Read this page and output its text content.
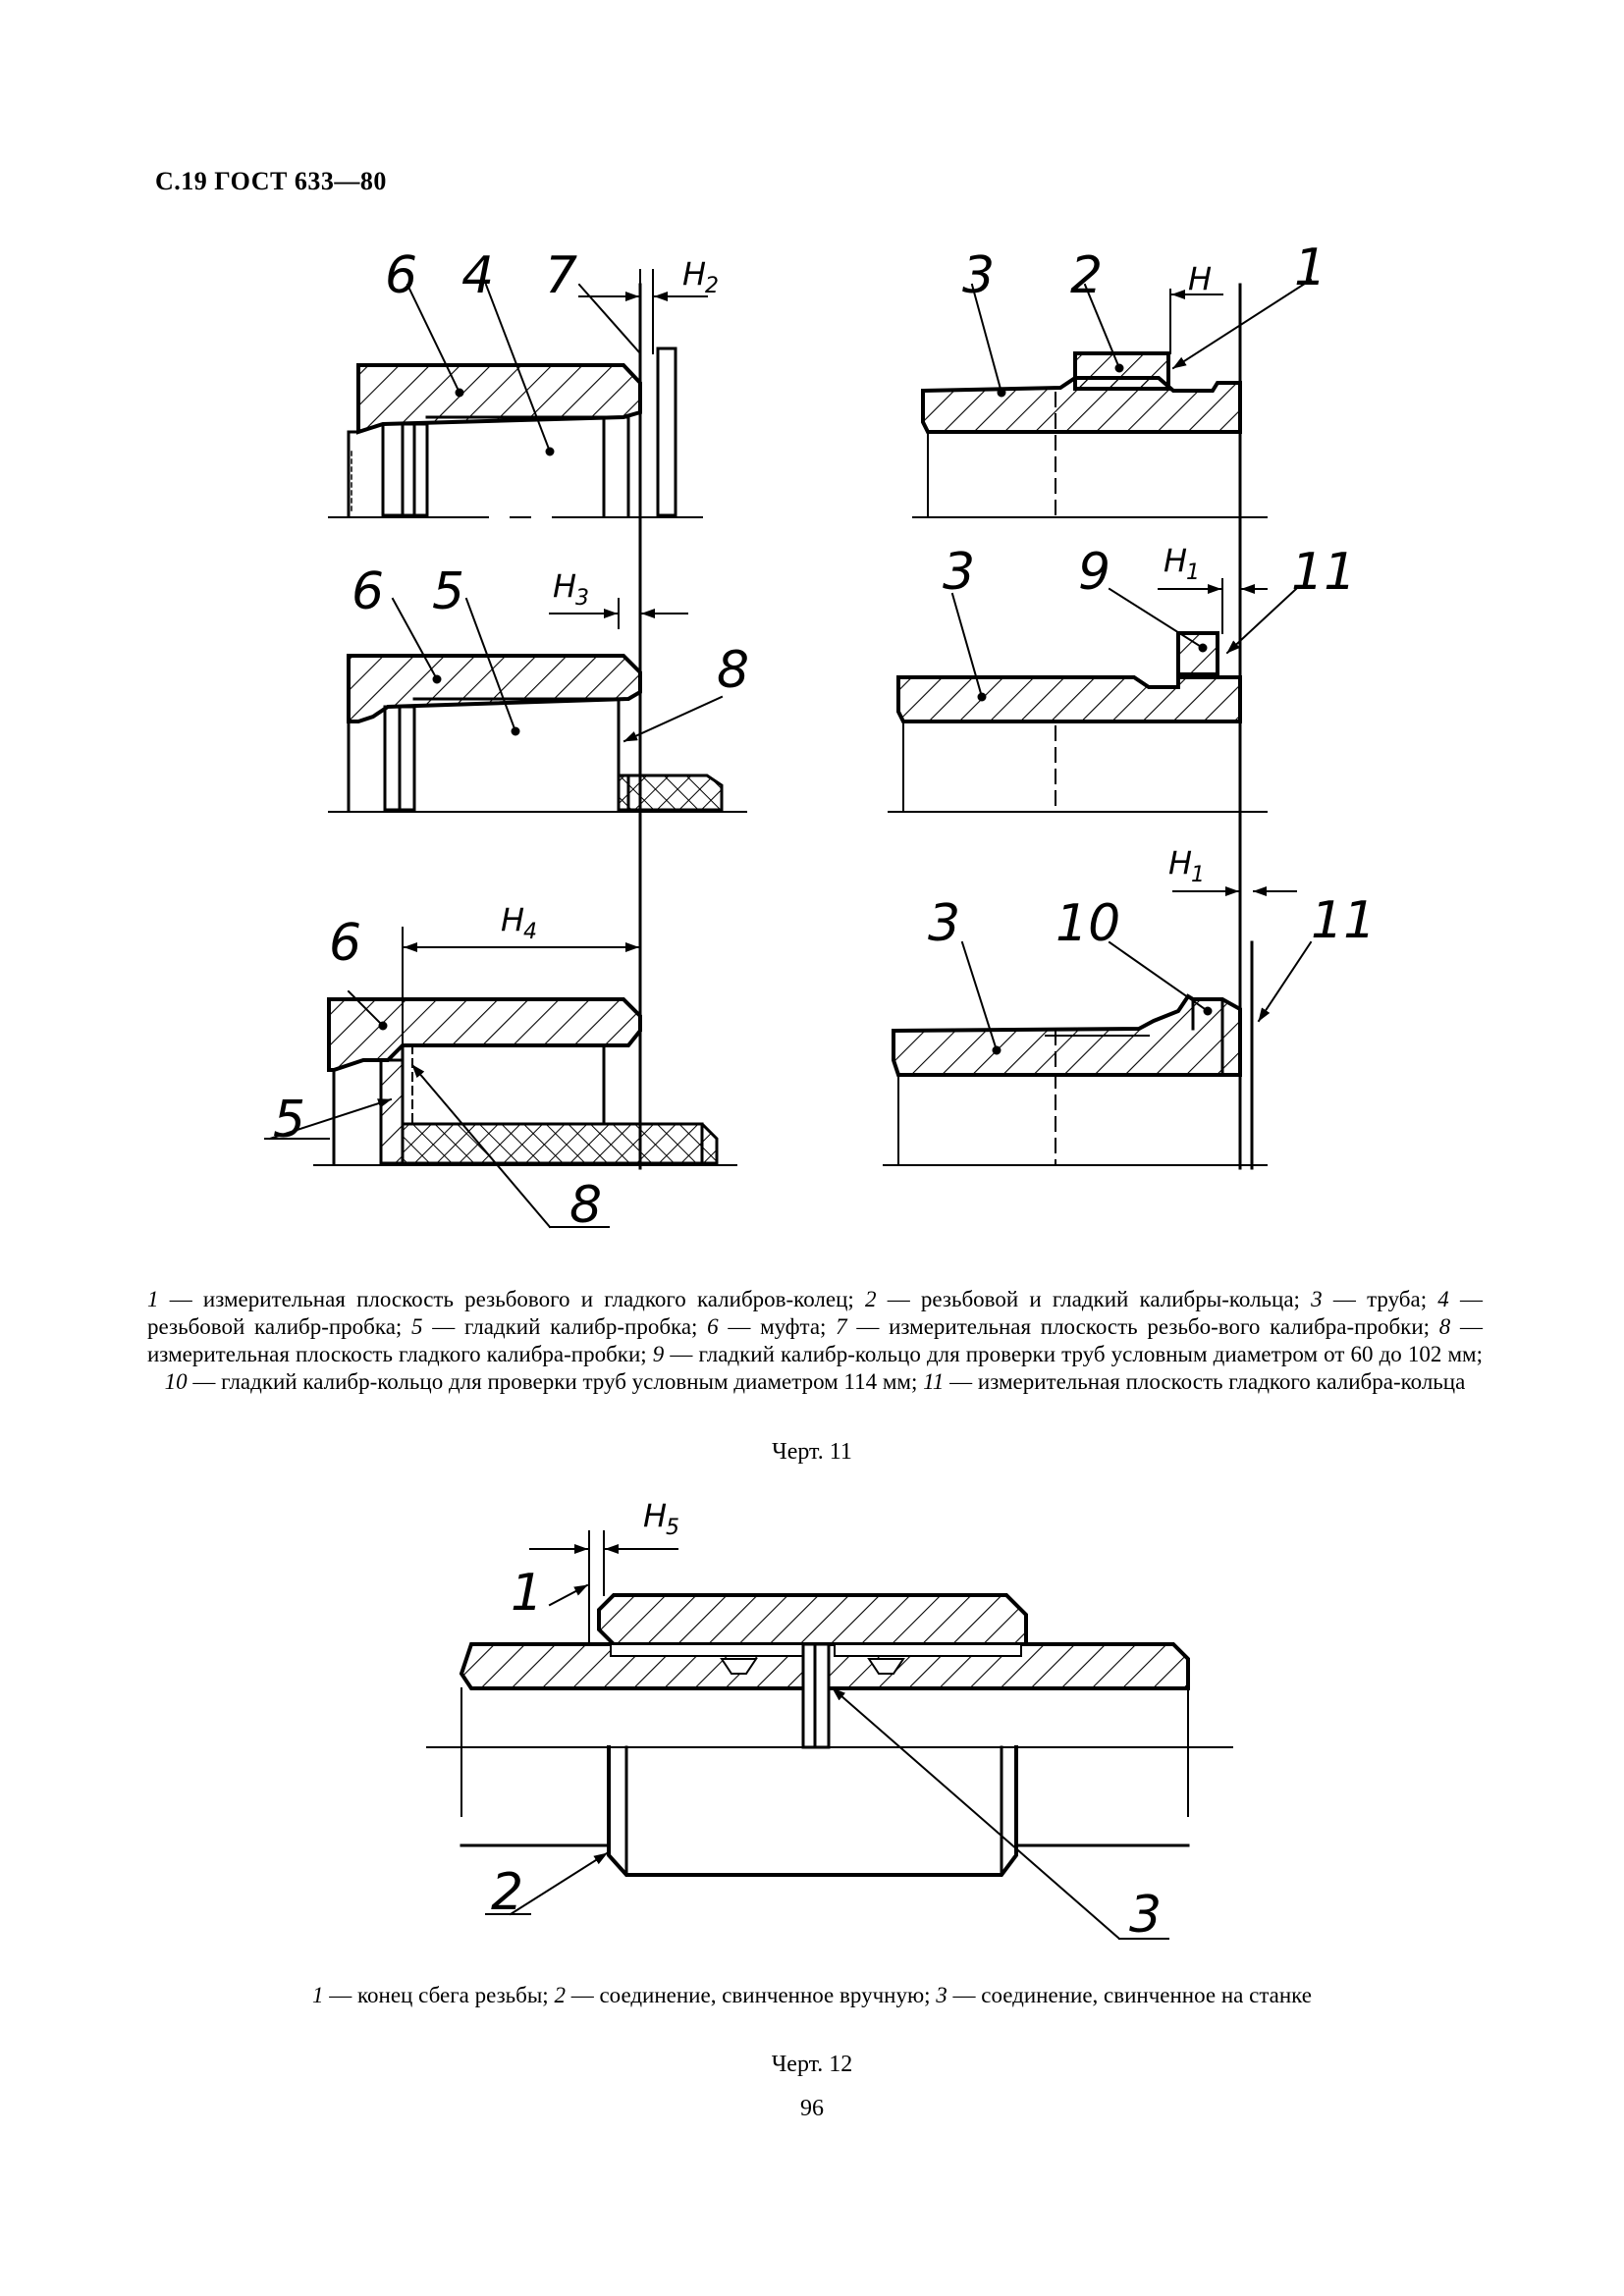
С.19 ГОСТ 633—80
6 4 7	H
2	3 2	H 1
6 5	H
3
8
3 9 H
1 11
6	H
4
5
8
3 10
H
1
11
H
5
1
2	3
1 — измерительная плоскость резьбового и гладкого калибров-колец; 2 — резьбовой и гладкий калибры-кольца; 3 — труба; 4 — резьбовой калибр-пробка; 5 — гладкий калибр-пробка; 6 — муфта; 7 — измерительная плоскость резьбо-вого калибра-пробки; 8 — измерительная плоскость гладкого калибра-пробки; 9 — гладкий калибр-кольцо для проверки труб условным диаметром от 60 до 102 мм; 10 — гладкий калибр-кольцо для проверки труб условным диаметром 114 мм; 11 — измерительная плоскость гладкого калибра-кольца
Черт. 11
1 — конец сбега резьбы; 2 — соединение, свинченное вручную; 3 — соединение, свинченное на станке
Черт. 12
96
